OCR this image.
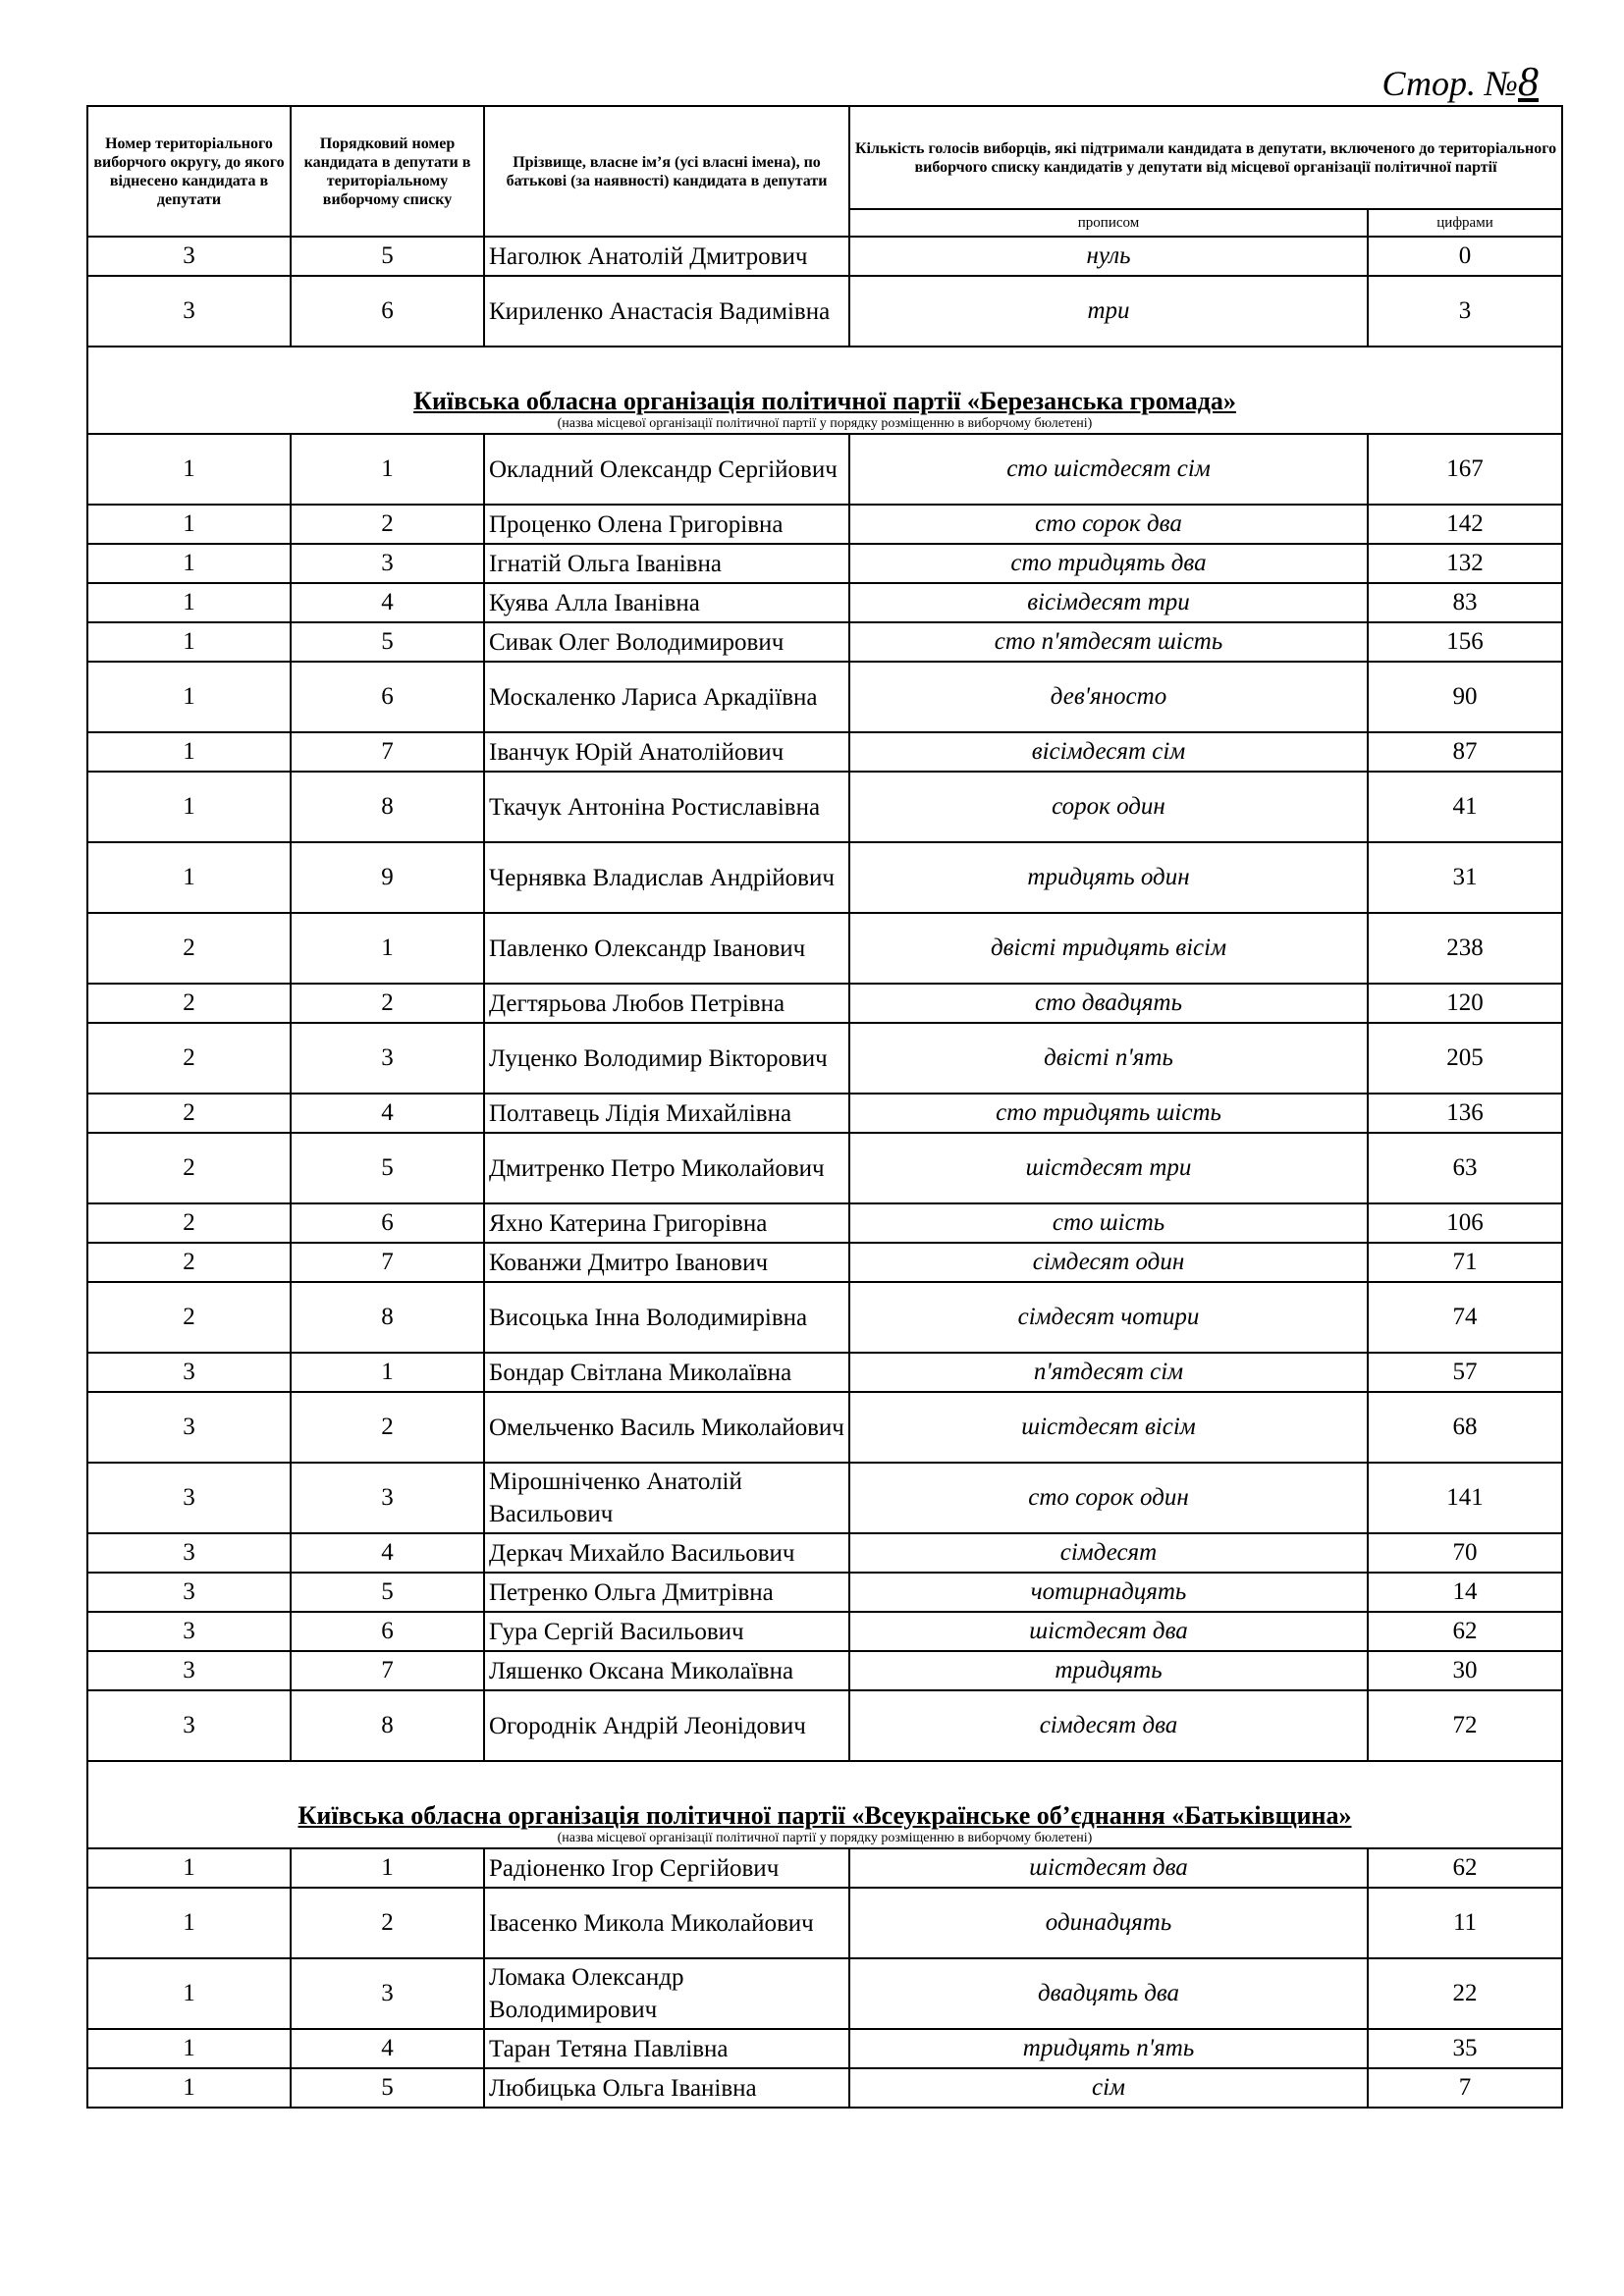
Стор. №8
Номер територіального виборчого округу, до якого віднесено кандидата в депутати	Порядковий номер кандидата в депутати в територіальному виборчому списку	Прізвище, власне ім’я (усі власні імена), по батькові (за наявності) кандидата в депутати	Кількість голосів виборців, які підтримали кандидата в депутати, включеного до територіального виборчого списку кандидатів у депутати від місцевої організації політичної партії	
			прописом	цифрами
3	5	Наголюк Анатолій Дмитрович	нуль	0
3	6	Кириленко Анастасія Вадимівна	три	3

Київська обласна організація політичної партії «Березанська громада»
(назва місцевої організації політичної партії у порядку розміщенню в виборчому бюлетені)				

1	1	Окладний Олександр Сергійович	сто шістдесят сім	167
1	2	Проценко Олена Григорівна	сто сорок два	142
1	3	Ігнатій Ольга Іванівна	сто тридцять два	132
1	4	Куява Алла Іванівна	вісімдесят три	83
1	5	Сивак Олег Володимирович	сто п'ятдесят шість	156
1	6	Москаленко Лариса Аркадіївна	дев'яносто	90
1	7	Іванчук Юрій Анатолійович	вісімдесят сім	87
1	8	Ткачук Антоніна Ростиславівна	сорок один	41
1	9	Чернявка Владислав Андрійович	тридцять один	31
2	1	Павленко Олександр Іванович	двісті тридцять вісім	238
2	2	Дегтярьова Любов Петрівна	сто двадцять	120
2	3	Луценко Володимир Вікторович	двісті п'ять	205
2	4	Полтавець Лідія Михайлівна	сто тридцять шість	136
2	5	Дмитренко Петро Миколайович	шістдесят три	63
2	6	Яхно Катерина Григорівна	сто шість	106
2	7	Кованжи Дмитро Іванович	сімдесят один	71
2	8	Висоцька Інна Володимирівна	сімдесят чотири	74
3	1	Бондар Світлана Миколаївна	п'ятдесят сім	57
3	2	Омельченко Василь Миколайович	шістдесят вісім	68
3	3	Мірошніченко Анатолій Васильович	сто сорок один	141
3	4	Деркач Михайло Васильович	сімдесят	70
3	5	Петренко Ольга Дмитрівна	чотирнадцять	14
3	6	Гура Сергій Васильович	шістдесят два	62
3	7	Ляшенко Оксана Миколаївна	тридцять	30
3	8	Огороднік Андрій Леонідович	сімдесят два	72

Київська обласна організація політичної партії «Всеукраїнське об’єднання «Батьківщина»
(назва місцевої організації політичної партії у порядку розміщенню в виборчому бюлетені)				

1	1	Радіоненко Ігор Сергійович	шістдесят два	62
1	2	Івасенко Микола Миколайович	одинадцять	11
1	3	Ломака Олександр Володимирович	двадцять два	22
1	4	Таран Тетяна Павлівна	тридцять п'ять	35
1	5	Любицька Ольга Іванівна	сім	7
